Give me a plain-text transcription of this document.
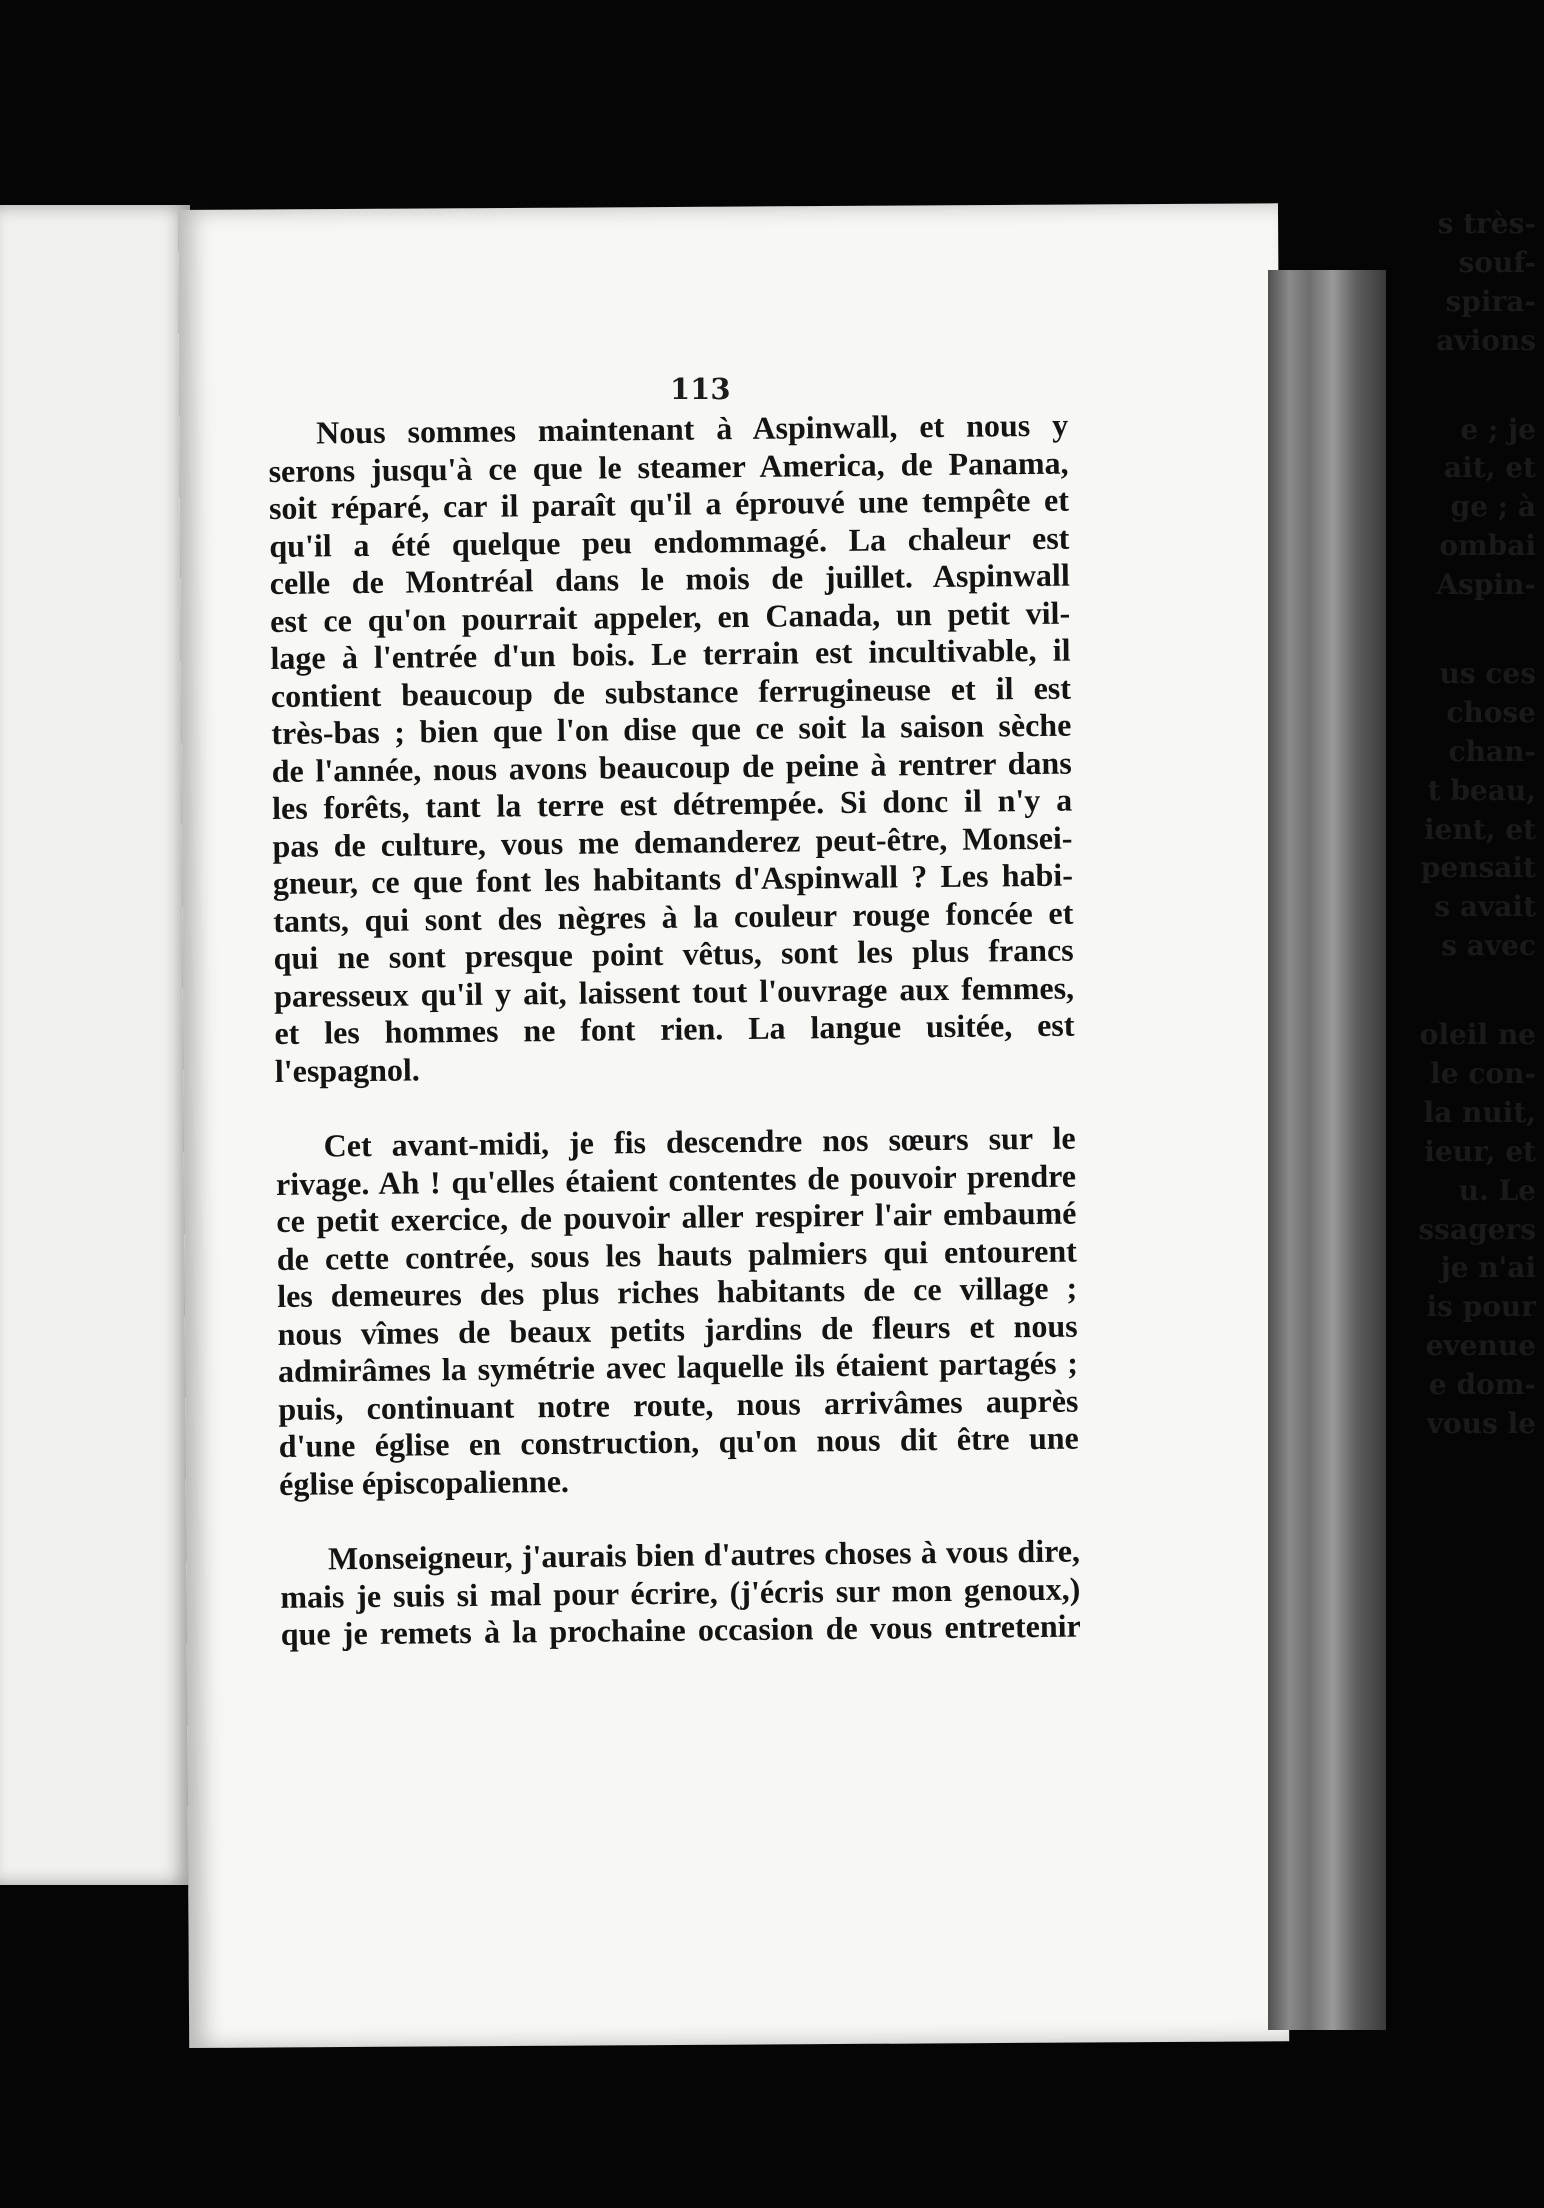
s très-
souf-
spira-
avions
e ; je
ait, et
ge ; à
ombai
Aspin-
us ces
chose
chan-
t beau,
ient, et
pensait
s avait
s avec
oleil ne
le con-
la nuit,
ieur, et
u. Le
ssagers
je n'ai
is pour
evenue
e dom-
vous le
113
Nous sommes maintenant à Aspinwall, et nous y
serons jusqu'à ce que le steamer America, de Panama,
soit réparé, car il paraît qu'il a éprouvé une tempête et
qu'il a été quelque peu endommagé. La chaleur est
celle de Montréal dans le mois de juillet. Aspinwall
est ce qu'on pourrait appeler, en Canada, un petit vil-
lage à l'entrée d'un bois. Le terrain est incultivable, il
contient beaucoup de substance ferrugineuse et il est
très-bas ; bien que l'on dise que ce soit la saison sèche
de l'année, nous avons beaucoup de peine à rentrer dans
les forêts, tant la terre est détrempée. Si donc il n'y a
pas de culture, vous me demanderez peut-être, Monsei-
gneur, ce que font les habitants d'Aspinwall ? Les habi-
tants, qui sont des nègres à la couleur rouge foncée et
qui ne sont presque point vêtus, sont les plus francs
paresseux qu'il y ait, laissent tout l'ouvrage aux femmes,
et les hommes ne font rien. La langue usitée, est
l'espagnol.
Cet avant-midi, je fis descendre nos sœurs sur le
rivage. Ah ! qu'elles étaient contentes de pouvoir prendre
ce petit exercice, de pouvoir aller respirer l'air embaumé
de cette contrée, sous les hauts palmiers qui entourent
les demeures des plus riches habitants de ce village ;
nous vîmes de beaux petits jardins de fleurs et nous
admirâmes la symétrie avec laquelle ils étaient partagés ;
puis, continuant notre route, nous arrivâmes auprès
d'une église en construction, qu'on nous dit être une
église épiscopalienne.
Monseigneur, j'aurais bien d'autres choses à vous dire,
mais je suis si mal pour écrire, (j'écris sur mon genoux,)
que je remets à la prochaine occasion de vous entretenir
